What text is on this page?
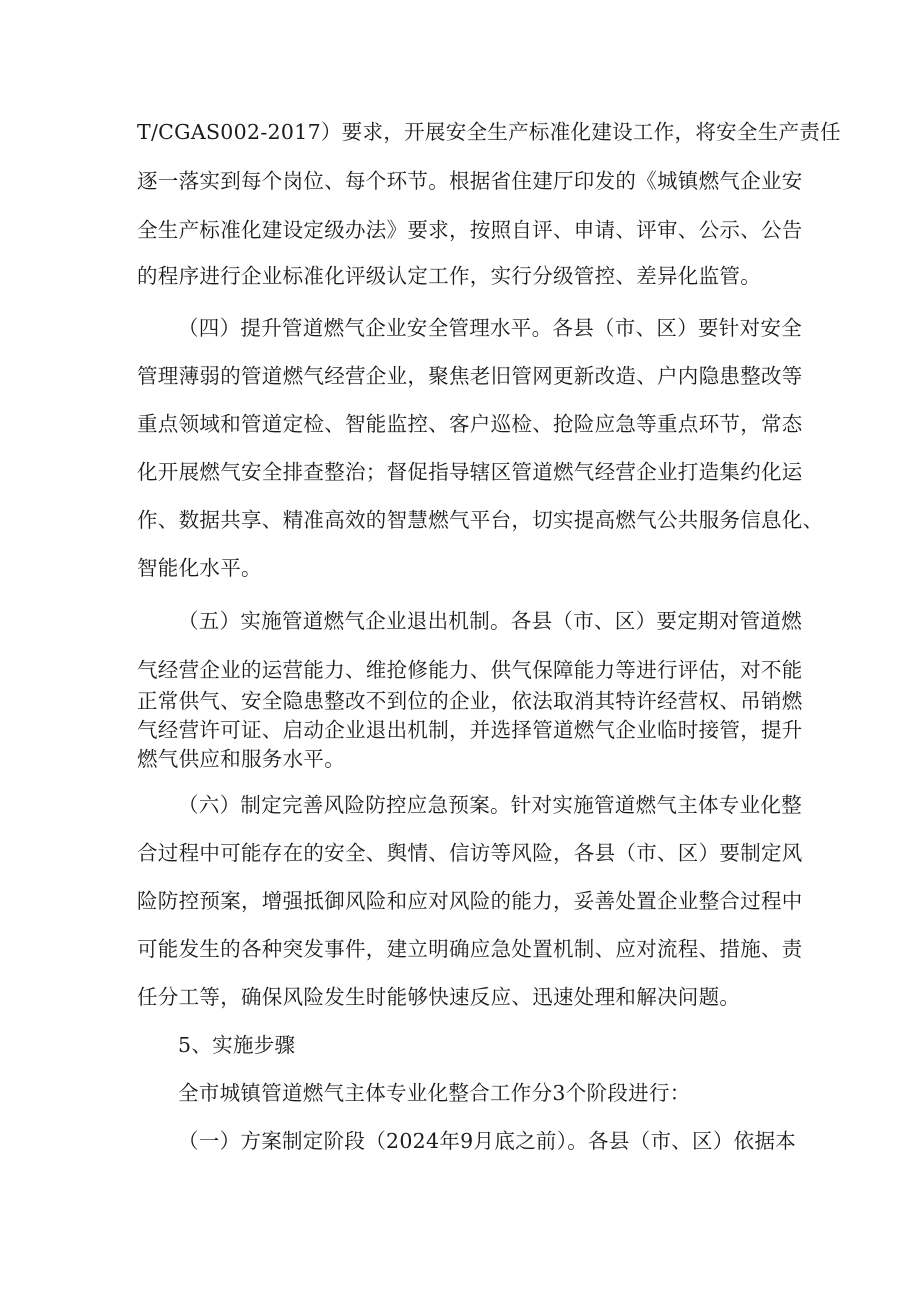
T/CGAS002-2017）要求，开展安全生产标准化建设工作，将安全生产责任
逐一落实到每个岗位、每个环节。根据省住建厅印发的《城镇燃气企业安
全生产标准化建设定级办法》要求，按照自评、申请、评审、公示、公告
的程序进行企业标准化评级认定工作，实行分级管控、差异化监管。
（四）提升管道燃气企业安全管理水平。各县（市、区）要针对安全
管理薄弱的管道燃气经营企业，聚焦老旧管网更新改造、户内隐患整改等
重点领域和管道定检、智能监控、客户巡检、抢险应急等重点环节，常态
化开展燃气安全排查整治；督促指导辖区管道燃气经营企业打造集约化运
作、数据共享、精准高效的智慧燃气平台，切实提高燃气公共服务信息化、
智能化水平。
（五）实施管道燃气企业退出机制。各县（市、区）要定期对管道燃
气经营企业的运营能力、维抢修能力、供气保障能力等进行评估，对不能
正常供气、安全隐患整改不到位的企业，依法取消其特许经营权、吊销燃
气经营许可证、启动企业退出机制，并选择管道燃气企业临时接管，提升
燃气供应和服务水平。
（六）制定完善风险防控应急预案。针对实施管道燃气主体专业化整
合过程中可能存在的安全、舆情、信访等风险，各县（市、区）要制定风
险防控预案，增强抵御风险和应对风险的能力，妥善处置企业整合过程中
可能发生的各种突发事件，建立明确应急处置机制、应对流程、措施、责
任分工等，确保风险发生时能够快速反应、迅速处理和解决问题。
5、实施步骤
全市城镇管道燃气主体专业化整合工作分3个阶段进行：
（一）方案制定阶段（2024年9月底之前）。各县（市、区）依据本
